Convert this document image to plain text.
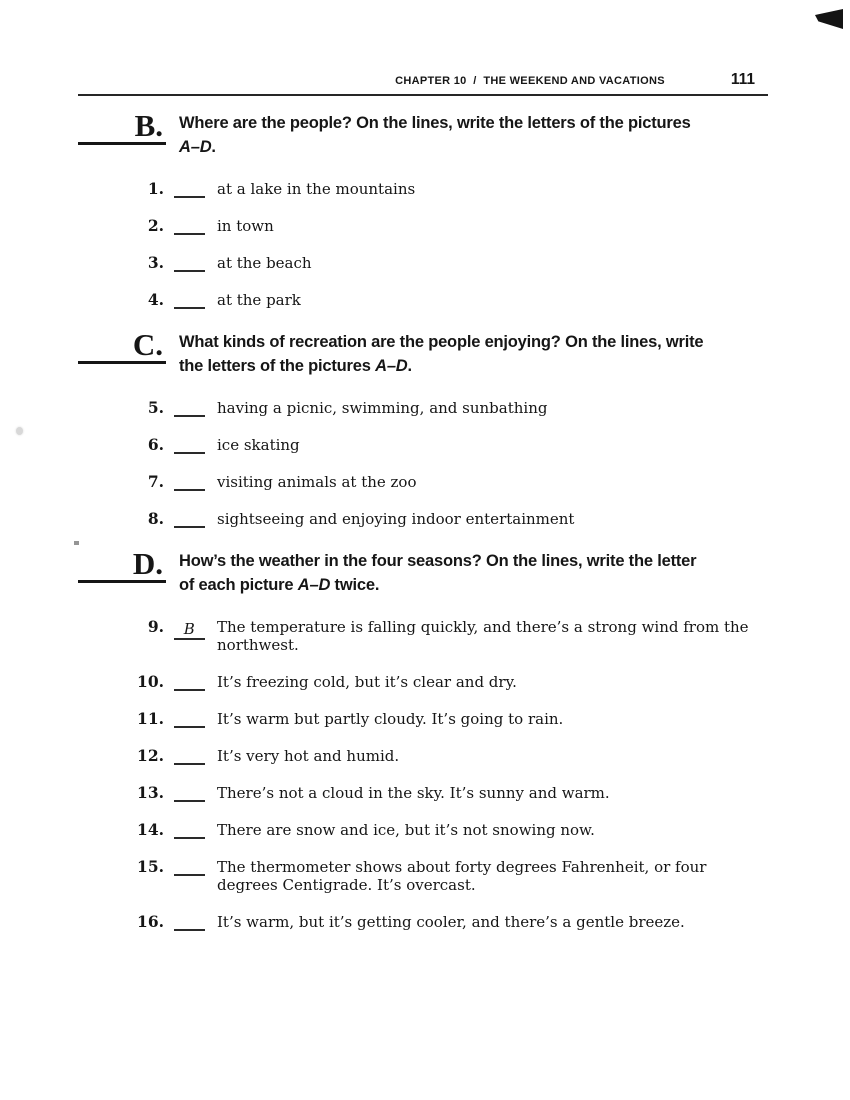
CHAPTER 10  /  THE WEEKEND AND VACATIONS	111
B. Where are the people? On the lines, write the letters of the pictures
A–D.
1.	at a lake in the mountains
2.	in town
3.	at the beach
4.	at the park
C. What kinds of recreation are the people enjoying? On the lines, write
the letters of the pictures A–D.
5.	having a picnic, swimming, and sunbathing
6.	ice skating
7.	visiting animals at the zoo
8.	sightseeing and enjoying indoor entertainment
D. How’s the weather in the four seasons? On the lines, write the letter
of each picture A–D twice.
9.	B	The temperature is falling quickly, and there’s a strong wind from the northwest.
10.	It’s freezing cold, but it’s clear and dry.
11.	It’s warm but partly cloudy. It’s going to rain.
12.	It’s very hot and humid.
13.	There’s not a cloud in the sky. It’s sunny and warm.
14.	There are snow and ice, but it’s not snowing now.
15.	The thermometer shows about forty degrees Fahrenheit, or four degrees Centigrade. It’s overcast.
16.	It’s warm, but it’s getting cooler, and there’s a gentle breeze.
